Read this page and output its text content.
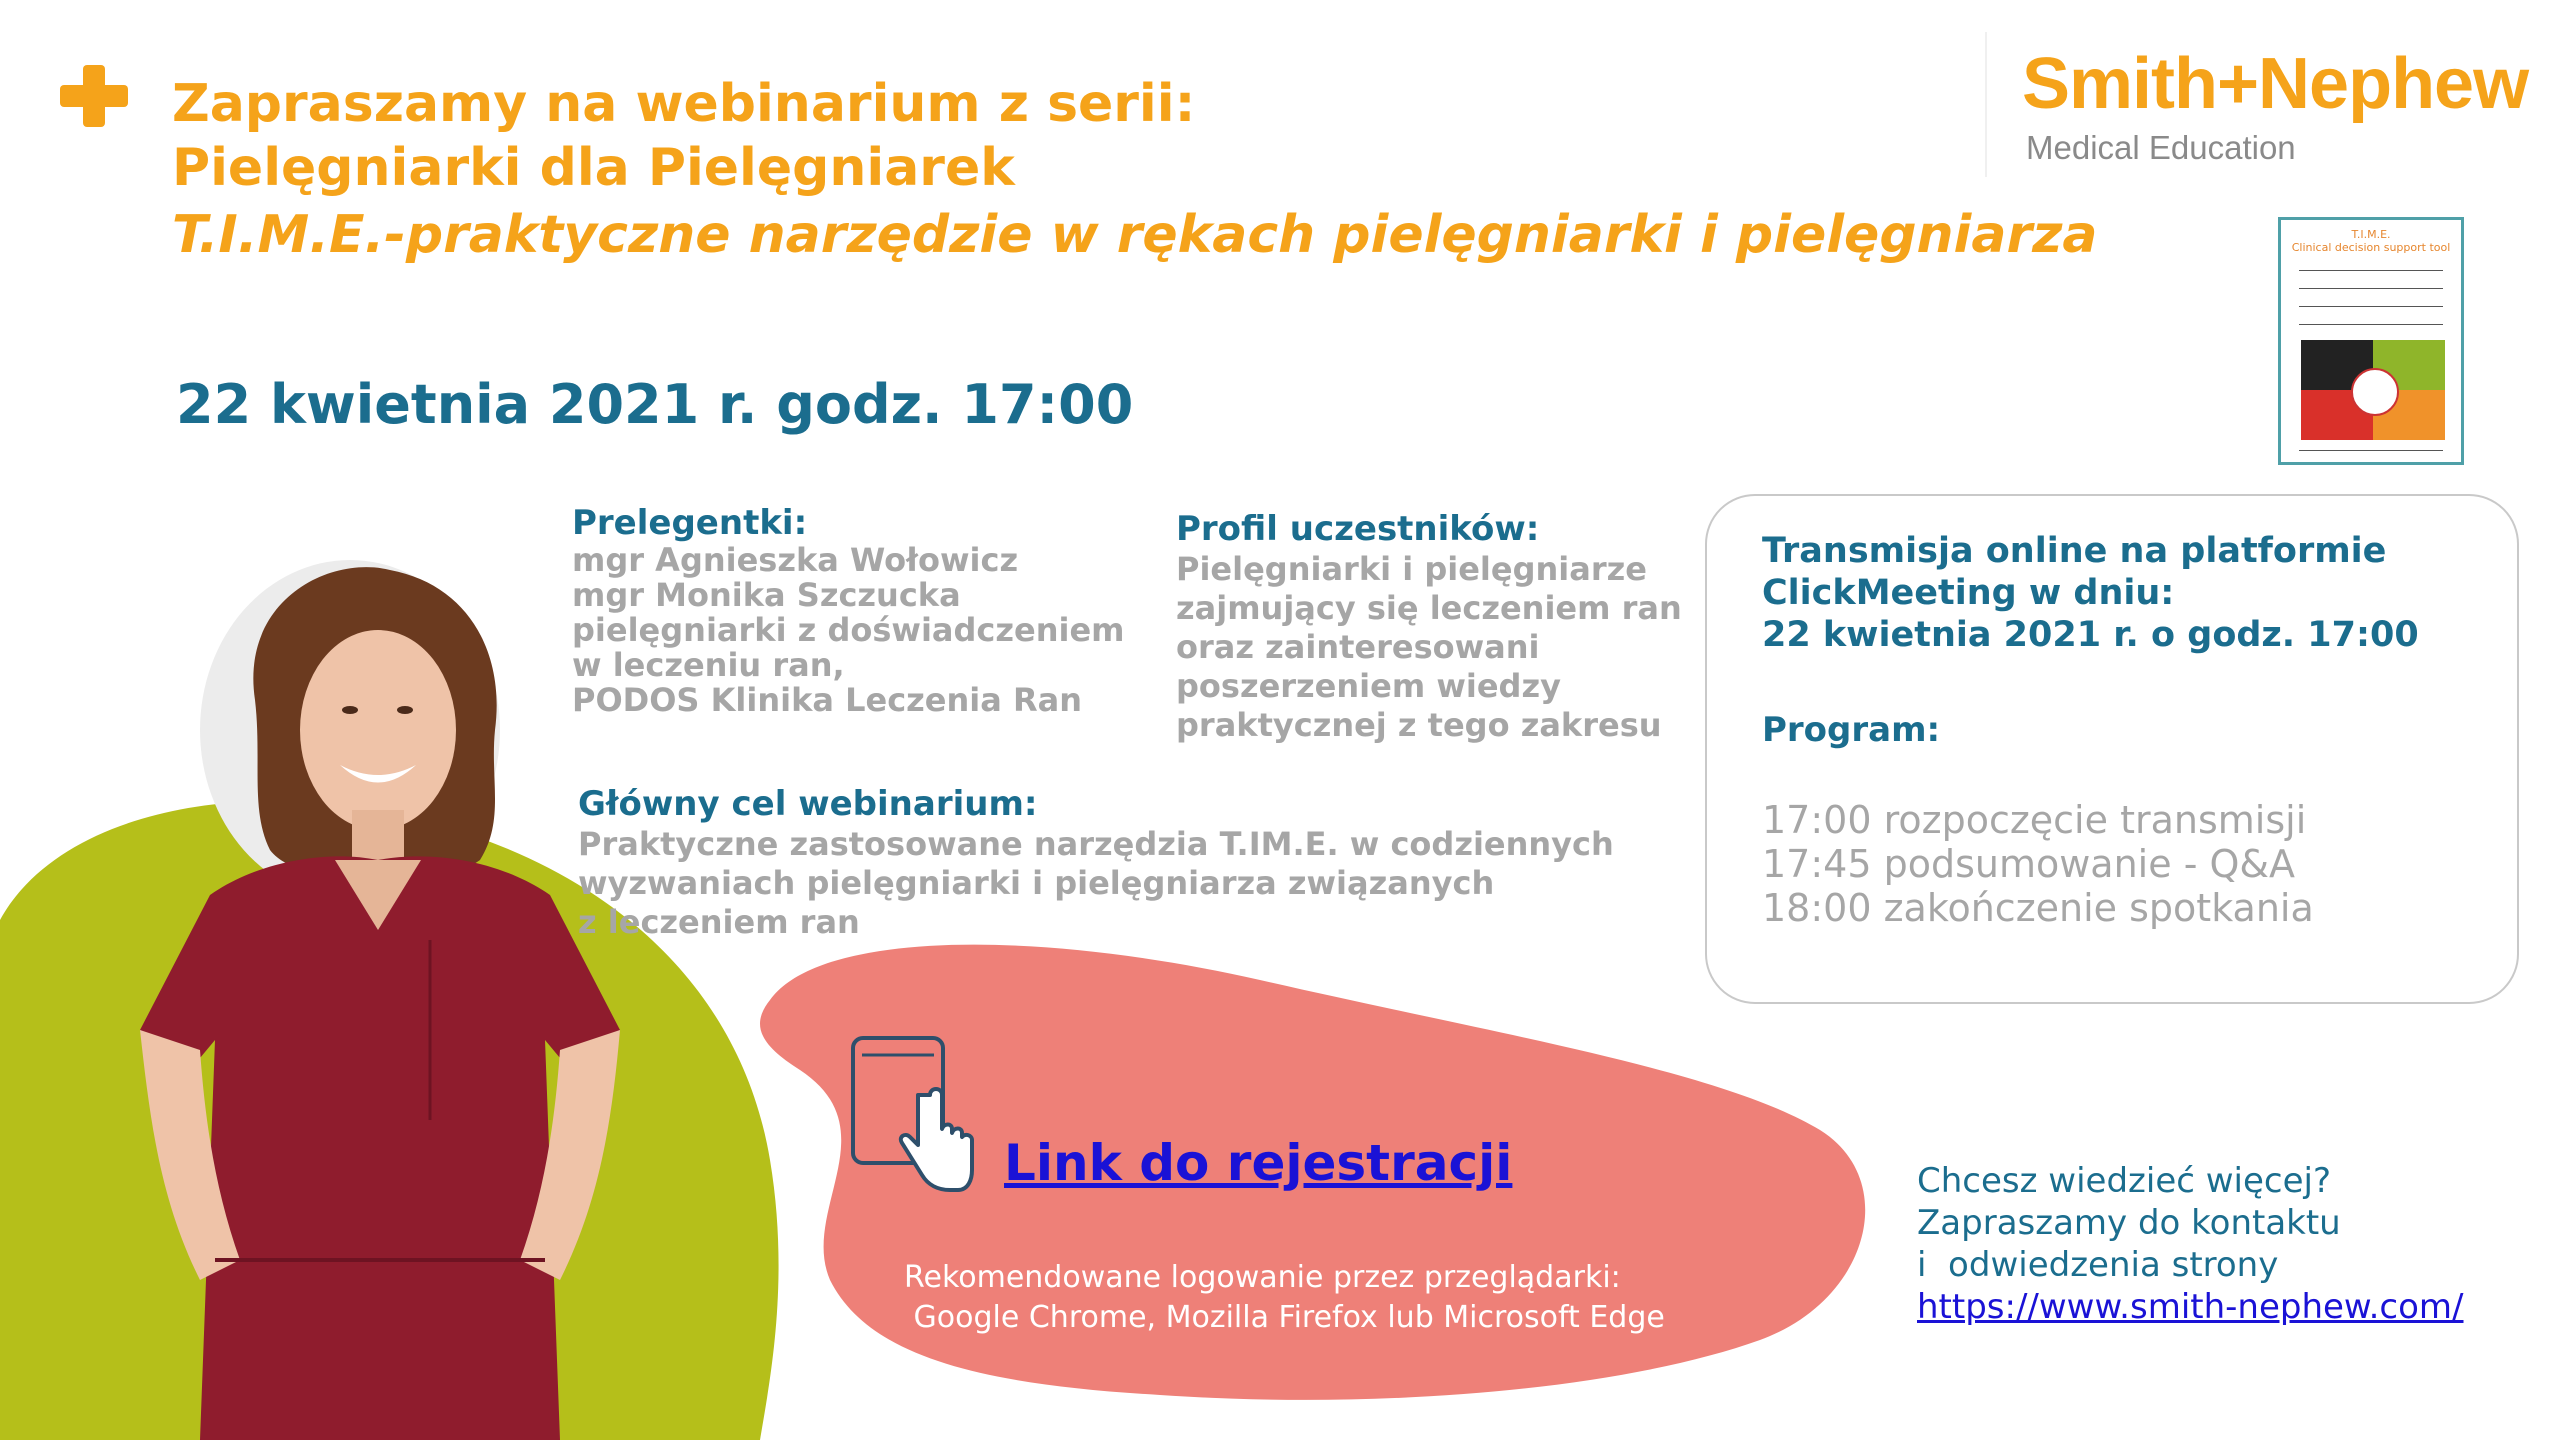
Zapraszamy na webinarium z serii:
Pielęgniarki dla Pielęgniarek
T.I.M.E.-praktyczne narzędzie w rękach pielęgniarki i pielęgniarza
22 kwietnia 2021 r. godz. 17:00
Smith+Nephew
Medical Education
T.I.M.E.
Clinical decision support tool
Prelegentki:
mgr Agnieszka Wołowicz
mgr Monika Szczucka
pielęgniarki z doświadczeniem
w leczeniu ran,
PODOS Klinika Leczenia Ran
Profil uczestników:
Pielęgniarki i pielęgniarze
zajmujący się leczeniem ran
oraz zainteresowani
poszerzeniem wiedzy
praktycznej z tego zakresu
Główny cel webinarium:
Praktyczne zastosowane narzędzia T.IM.E. w codziennych
wyzwaniach pielęgniarki i pielęgniarza związanych
z leczeniem ran
Transmisja online na platformie
ClickMeeting w dniu:
22 kwietnia 2021 r. o godz. 17:00
Program:
17:00 rozpoczęcie transmisji
17:45 podsumowanie - Q&A
18:00 zakończenie spotkania
Link do rejestracji
Rekomendowane logowanie przez przeglądarki:
Google Chrome, Mozilla Firefox lub Microsoft Edge
Chcesz wiedzieć więcej?
Zapraszamy do kontaktu
i  odwiedzenia strony
https://www.smith-nephew.com/
